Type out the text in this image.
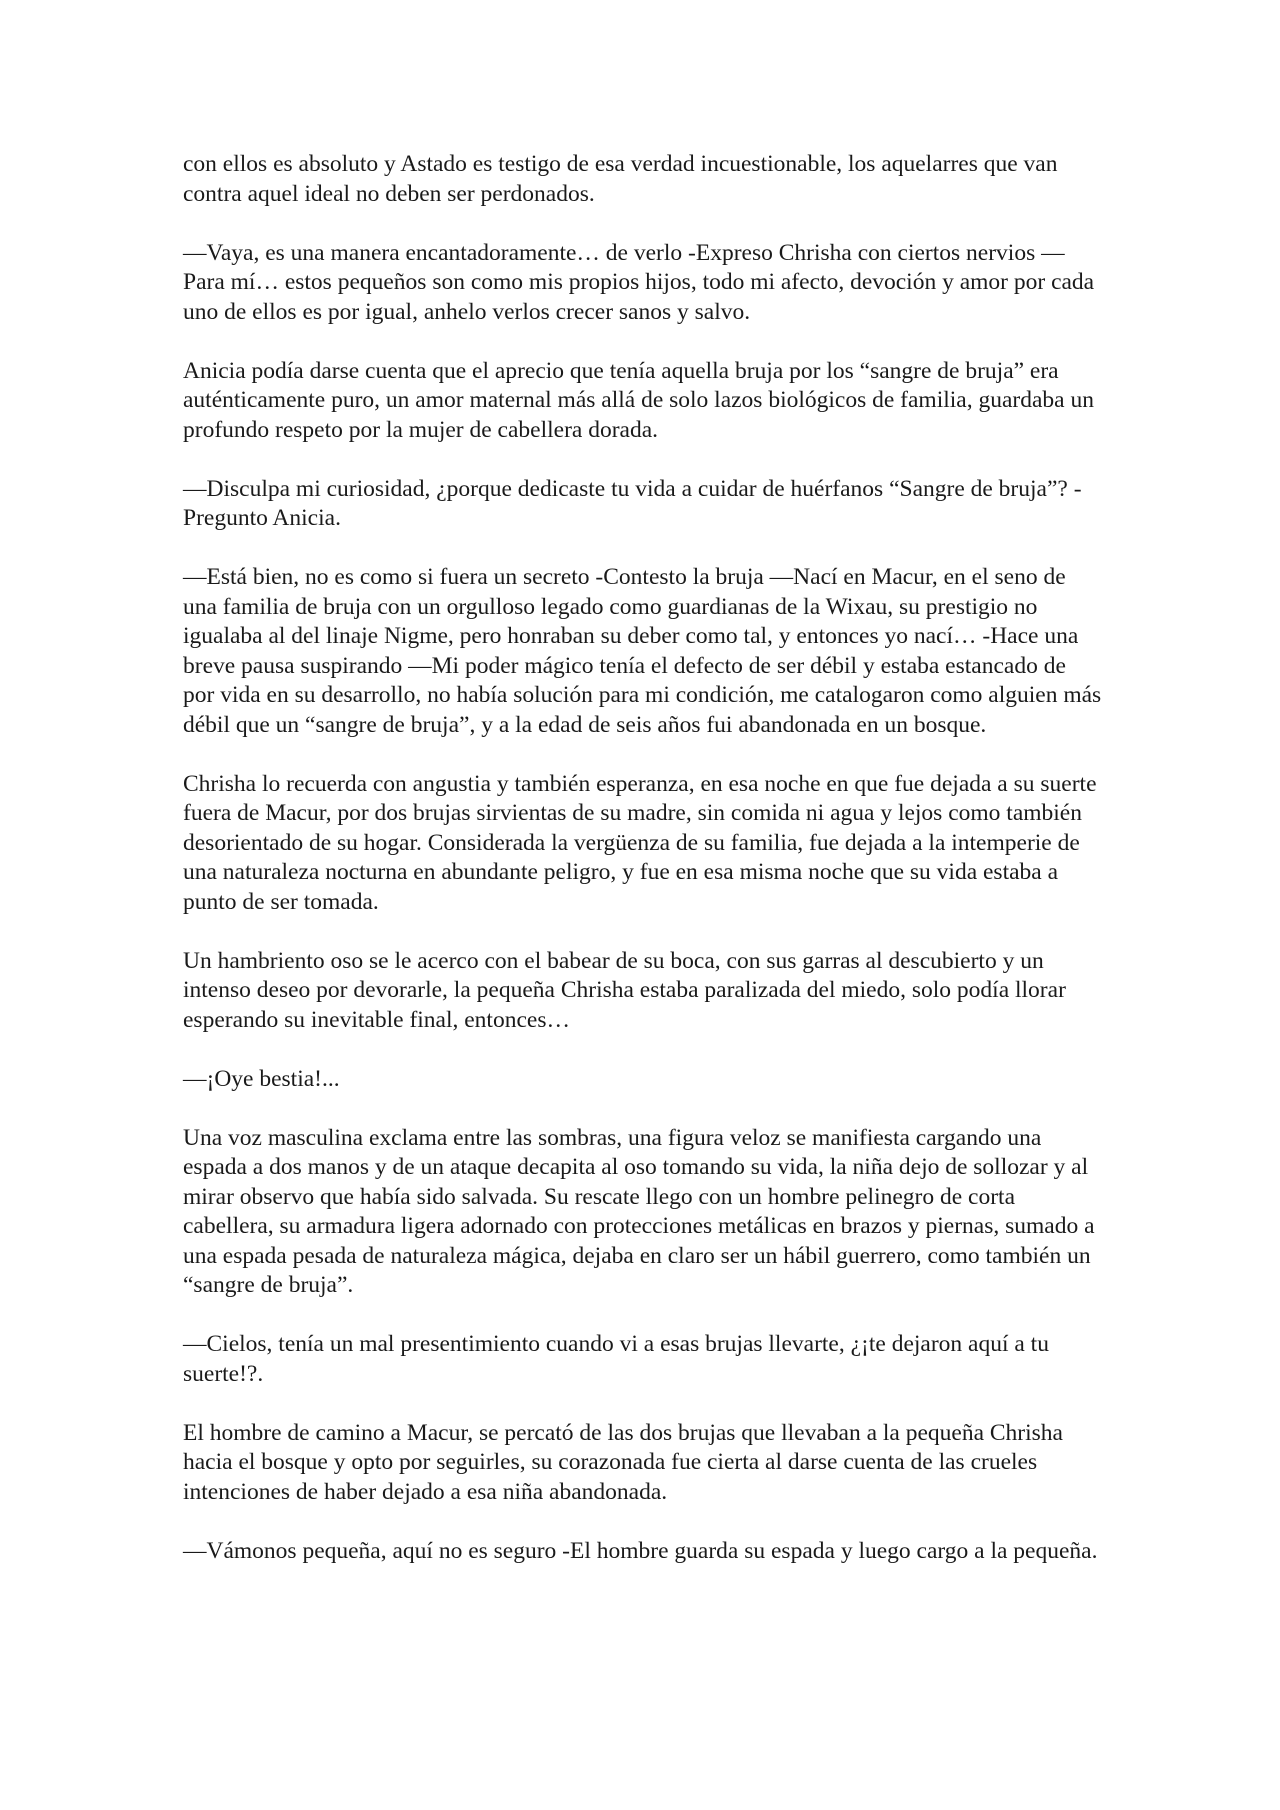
con ellos es absoluto y Astado es testigo de esa verdad incuestionable, los aquelarres que van contra aquel ideal no deben ser perdonados.

—Vaya, es una manera encantadoramente… de verlo -Expreso Chrisha con ciertos nervios —Para mí… estos pequeños son como mis propios hijos, todo mi afecto, devoción y amor por cada uno de ellos es por igual, anhelo verlos crecer sanos y salvo.

Anicia podía darse cuenta que el aprecio que tenía aquella bruja por los “sangre de bruja” era auténticamente puro, un amor maternal más allá de solo lazos biológicos de familia, guardaba un profundo respeto por la mujer de cabellera dorada.

—Disculpa mi curiosidad, ¿porque dedicaste tu vida a cuidar de huérfanos “Sangre de bruja”? -Pregunto Anicia.

—Está bien, no es como si fuera un secreto -Contesto la bruja —Nací en Macur, en el seno de una familia de bruja con un orgulloso legado como guardianas de la Wixau, su prestigio no igualaba al del linaje Nigme, pero honraban su deber como tal, y entonces yo nací… -Hace una breve pausa suspirando —Mi poder mágico tenía el defecto de ser débil y estaba estancado de por vida en su desarrollo, no había solución para mi condición, me catalogaron como alguien más débil que un “sangre de bruja”, y a la edad de seis años fui abandonada en un bosque.

Chrisha lo recuerda con angustia y también esperanza, en esa noche en que fue dejada a su suerte fuera de Macur, por dos brujas sirvientas de su madre, sin comida ni agua y lejos como también desorientado de su hogar. Considerada la vergüenza de su familia, fue dejada a la intemperie de una naturaleza nocturna en abundante peligro, y fue en esa misma noche que su vida estaba a punto de ser tomada.

Un hambriento oso se le acerco con el babear de su boca, con sus garras al descubierto y un intenso deseo por devorarle, la pequeña Chrisha estaba paralizada del miedo, solo podía llorar esperando su inevitable final, entonces…

—¡Oye bestia!...

Una voz masculina exclama entre las sombras, una figura veloz se manifiesta cargando una espada a dos manos y de un ataque decapita al oso tomando su vida, la niña dejo de sollozar y al mirar observo que había sido salvada. Su rescate llego con un hombre pelinegro de corta cabellera, su armadura ligera adornado con protecciones metálicas en brazos y piernas, sumado a una espada pesada de naturaleza mágica, dejaba en claro ser un hábil guerrero, como también un “sangre de bruja”.

—Cielos, tenía un mal presentimiento cuando vi a esas brujas llevarte, ¿¡te dejaron aquí a tu suerte!?.

El hombre de camino a Macur, se percató de las dos brujas que llevaban a la pequeña Chrisha hacia el bosque y opto por seguirles, su corazonada fue cierta al darse cuenta de las crueles intenciones de haber dejado a esa niña abandonada.

—Vámonos pequeña, aquí no es seguro -El hombre guarda su espada y luego cargo a la pequeña.
